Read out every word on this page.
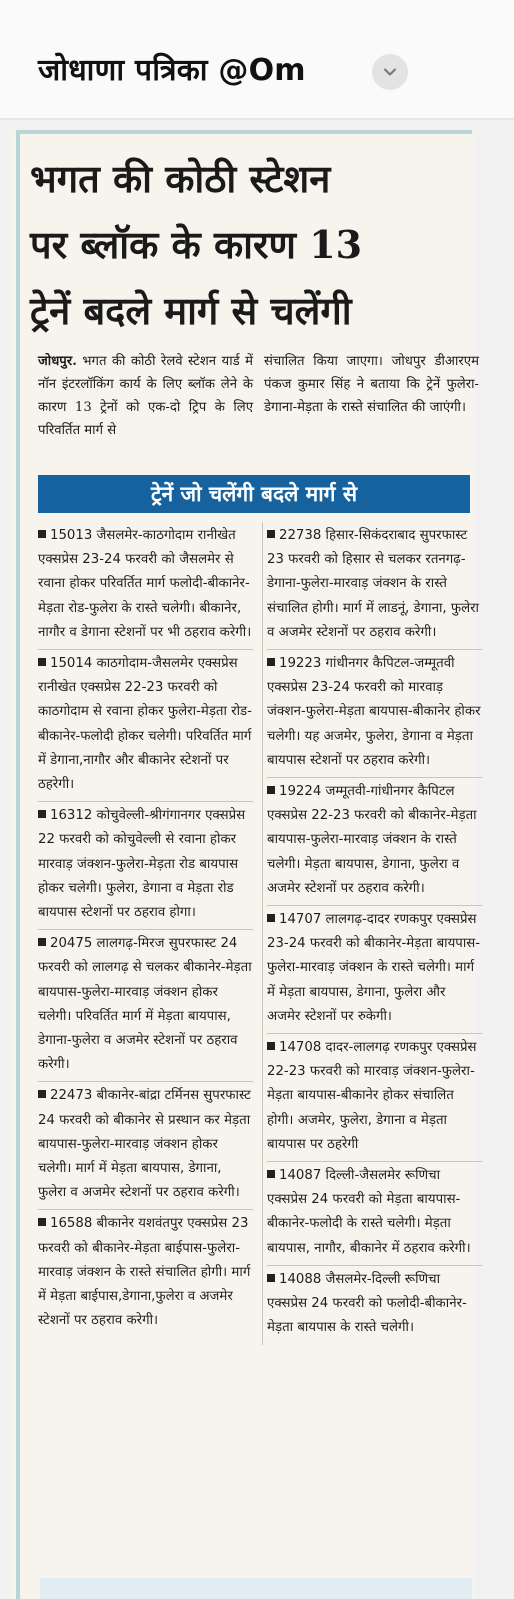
जोधाणा पत्रिका @Om
भगत की कोठी स्टेशन
पर ब्लॉक के कारण 13
ट्रेनें बदले मार्ग से चलेंगी
जोधपुर. भगत की कोठी रेलवे स्टेशन यार्ड में नॉन इंटरलॉकिंग कार्य के लिए ब्लॉक लेने के कारण 13 ट्रेनों को एक-दो ट्रिप के लिए परिवर्तित मार्ग से
संचालित किया जाएगा। जोधपुर डीआरएम पंकज कुमार सिंह ने बताया कि ट्रेनें फुलेरा-डेगाना-मेड़ता के रास्ते संचालित की जाएंगी।
ट्रेनें जो चलेंगी बदले मार्ग से
15013 जैसलमेर-काठगोदाम रानीखेत एक्सप्रेस 23-24 फरवरी को जैसलमेर से रवाना होकर परिवर्तित मार्ग फलोदी-बीकानेर-मेड़ता रोड-फुलेरा के रास्ते चलेगी। बीकानेर, नागौर व डेगाना स्टेशनों पर भी ठहराव करेगी।
15014 काठगोदाम-जैसलमेर एक्सप्रेस रानीखेत एक्सप्रेस 22-23 फरवरी को काठगोदाम से रवाना होकर फुलेरा-मेड़ता रोड-बीकानेर-फलोदी होकर चलेगी। परिवर्तित मार्ग में डेगाना,नागौर और बीकानेर स्टेशनों पर ठहरेगी।
16312 कोचुवेल्ली-श्रीगंगानगर एक्सप्रेस 22 फरवरी को कोचुवेल्ली से रवाना होकर मारवाड़ जंक्शन-फुलेरा-मेड़ता रोड बायपास होकर चलेगी। फुलेरा, डेगाना व मेड़ता रोड बायपास स्टेशनों पर ठहराव होगा।
20475 लालगढ़-मिरज सुपरफास्ट 24 फरवरी को लालगढ़ से चलकर बीकानेर-मेड़ता बायपास-फुलेरा-मारवाड़ जंक्शन होकर चलेगी। परिवर्तित मार्ग में मेड़ता बायपास, डेगाना-फुलेरा व अजमेर स्टेशनों पर ठहराव करेगी।
22473 बीकानेर-बांद्रा टर्मिनस सुपरफास्ट 24 फरवरी को बीकानेर से प्रस्थान कर मेड़ता बायपास-फुलेरा-मारवाड़ जंक्शन होकर चलेगी। मार्ग में मेड़ता बायपास, डेगाना, फुलेरा व अजमेर स्टेशनों पर ठहराव करेगी।
16588 बीकानेर यशवंतपुर एक्सप्रेस 23 फरवरी को बीकानेर-मेड़ता बाईपास-फुलेरा-मारवाड़ जंक्शन के रास्ते संचालित होगी। मार्ग में मेड़ता बाईपास,डेगाना,फुलेरा व अजमेर स्टेशनों पर ठहराव करेगी।
22738 हिसार-सिकंदराबाद सुपरफास्ट 23 फरवरी को हिसार से चलकर रतनगढ़-डेगाना-फुलेरा-मारवाड़ जंक्शन के रास्ते संचालित होगी। मार्ग में लाडनूं, डेगाना, फुलेरा व अजमेर स्टेशनों पर ठहराव करेगी।
19223 गांधीनगर कैपिटल-जम्मूतवी एक्सप्रेस 23-24 फरवरी को मारवाड़ जंक्शन-फुलेरा-मेड़ता बायपास-बीकानेर होकर चलेगी। यह अजमेर, फुलेरा, डेगाना व मेड़ता बायपास स्टेशनों पर ठहराव करेगी।
19224 जम्मूतवी-गांधीनगर कैपिटल एक्सप्रेस 22-23 फरवरी को बीकानेर-मेड़ता बायपास-फुलेरा-मारवाड़ जंक्शन के रास्ते चलेगी। मेड़ता बायपास, डेगाना, फुलेरा व अजमेर स्टेशनों पर ठहराव करेगी।
14707 लालगढ़-दादर रणकपुर एक्सप्रेस 23-24 फरवरी को बीकानेर-मेड़ता बायपास-फुलेरा-मारवाड़ जंक्शन के रास्ते चलेगी। मार्ग में मेड़ता बायपास, डेगाना, फुलेरा और अजमेर स्टेशनों पर रुकेगी।
14708 दादर-लालगढ़ रणकपुर एक्सप्रेस 22-23 फरवरी को मारवाड़ जंक्शन-फुलेरा-मेड़ता बायपास-बीकानेर होकर संचालित होगी। अजमेर, फुलेरा, डेगाना व मेड़ता बायपास पर ठहरेगी
14087 दिल्ली-जैसलमेर रूणिचा एक्सप्रेस 24 फरवरी को मेड़ता बायपास-बीकानेर-फलोदी के रास्ते चलेगी। मेड़ता बायपास, नागौर, बीकानेर में ठहराव करेगी।
14088 जैसलमेर-दिल्ली रूणिचा एक्सप्रेस 24 फरवरी को फलोदी-बीकानेर-मेड़ता बायपास के रास्ते चलेगी।
